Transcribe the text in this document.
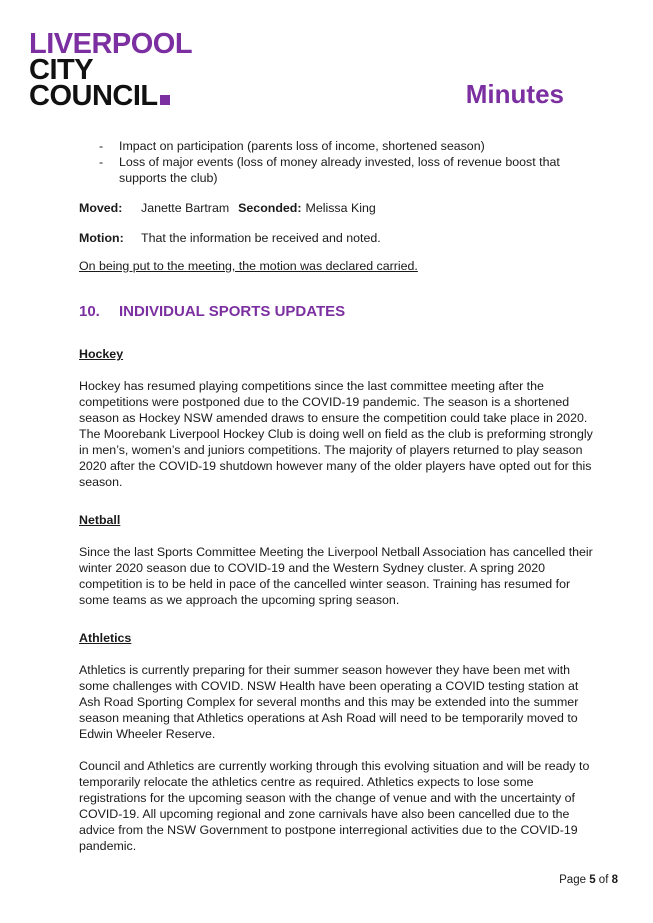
LIVERPOOL
CITY
COUNCIL	Minutes
- Impact on participation (parents loss of income, shortened season)
- Loss of major events (loss of money already invested, loss of revenue boost that supports the club)
Moved:	Janette Bartram Seconded: Melissa King
Motion:	That the information be received and noted.
On being put to the meeting, the motion was declared carried.
10.	INDIVIDUAL SPORTS UPDATES
Hockey

Hockey has resumed playing competitions since the last committee meeting after the competitions were postponed due to the COVID-19 pandemic. The season is a shortened season as Hockey NSW amended draws to ensure the competition could take place in 2020. The Moorebank Liverpool Hockey Club is doing well on field as the club is preforming strongly in men’s, women’s and juniors competitions. The majority of players returned to play season 2020 after the COVID-19 shutdown however many of the older players have opted out for this season.

Netball

Since the last Sports Committee Meeting the Liverpool Netball Association has cancelled their winter 2020 season due to COVID-19 and the Western Sydney cluster. A spring 2020 competition is to be held in pace of the cancelled winter season. Training has resumed for some teams as we approach the upcoming spring season.

Athletics

Athletics is currently preparing for their summer season however they have been met with some challenges with COVID. NSW Health have been operating a COVID testing station at Ash Road Sporting Complex for several months and this may be extended into the summer season meaning that Athletics operations at Ash Road will need to be temporarily moved to Edwin Wheeler Reserve.

Council and Athletics are currently working through this evolving situation and will be ready to temporarily relocate the athletics centre as required. Athletics expects to lose some registrations for the upcoming season with the change of venue and with the uncertainty of COVID-19. All upcoming regional and zone carnivals have also been cancelled due to the advice from the NSW Government to postpone interregional activities due to the COVID-19 pandemic.

Page 5 of 8
